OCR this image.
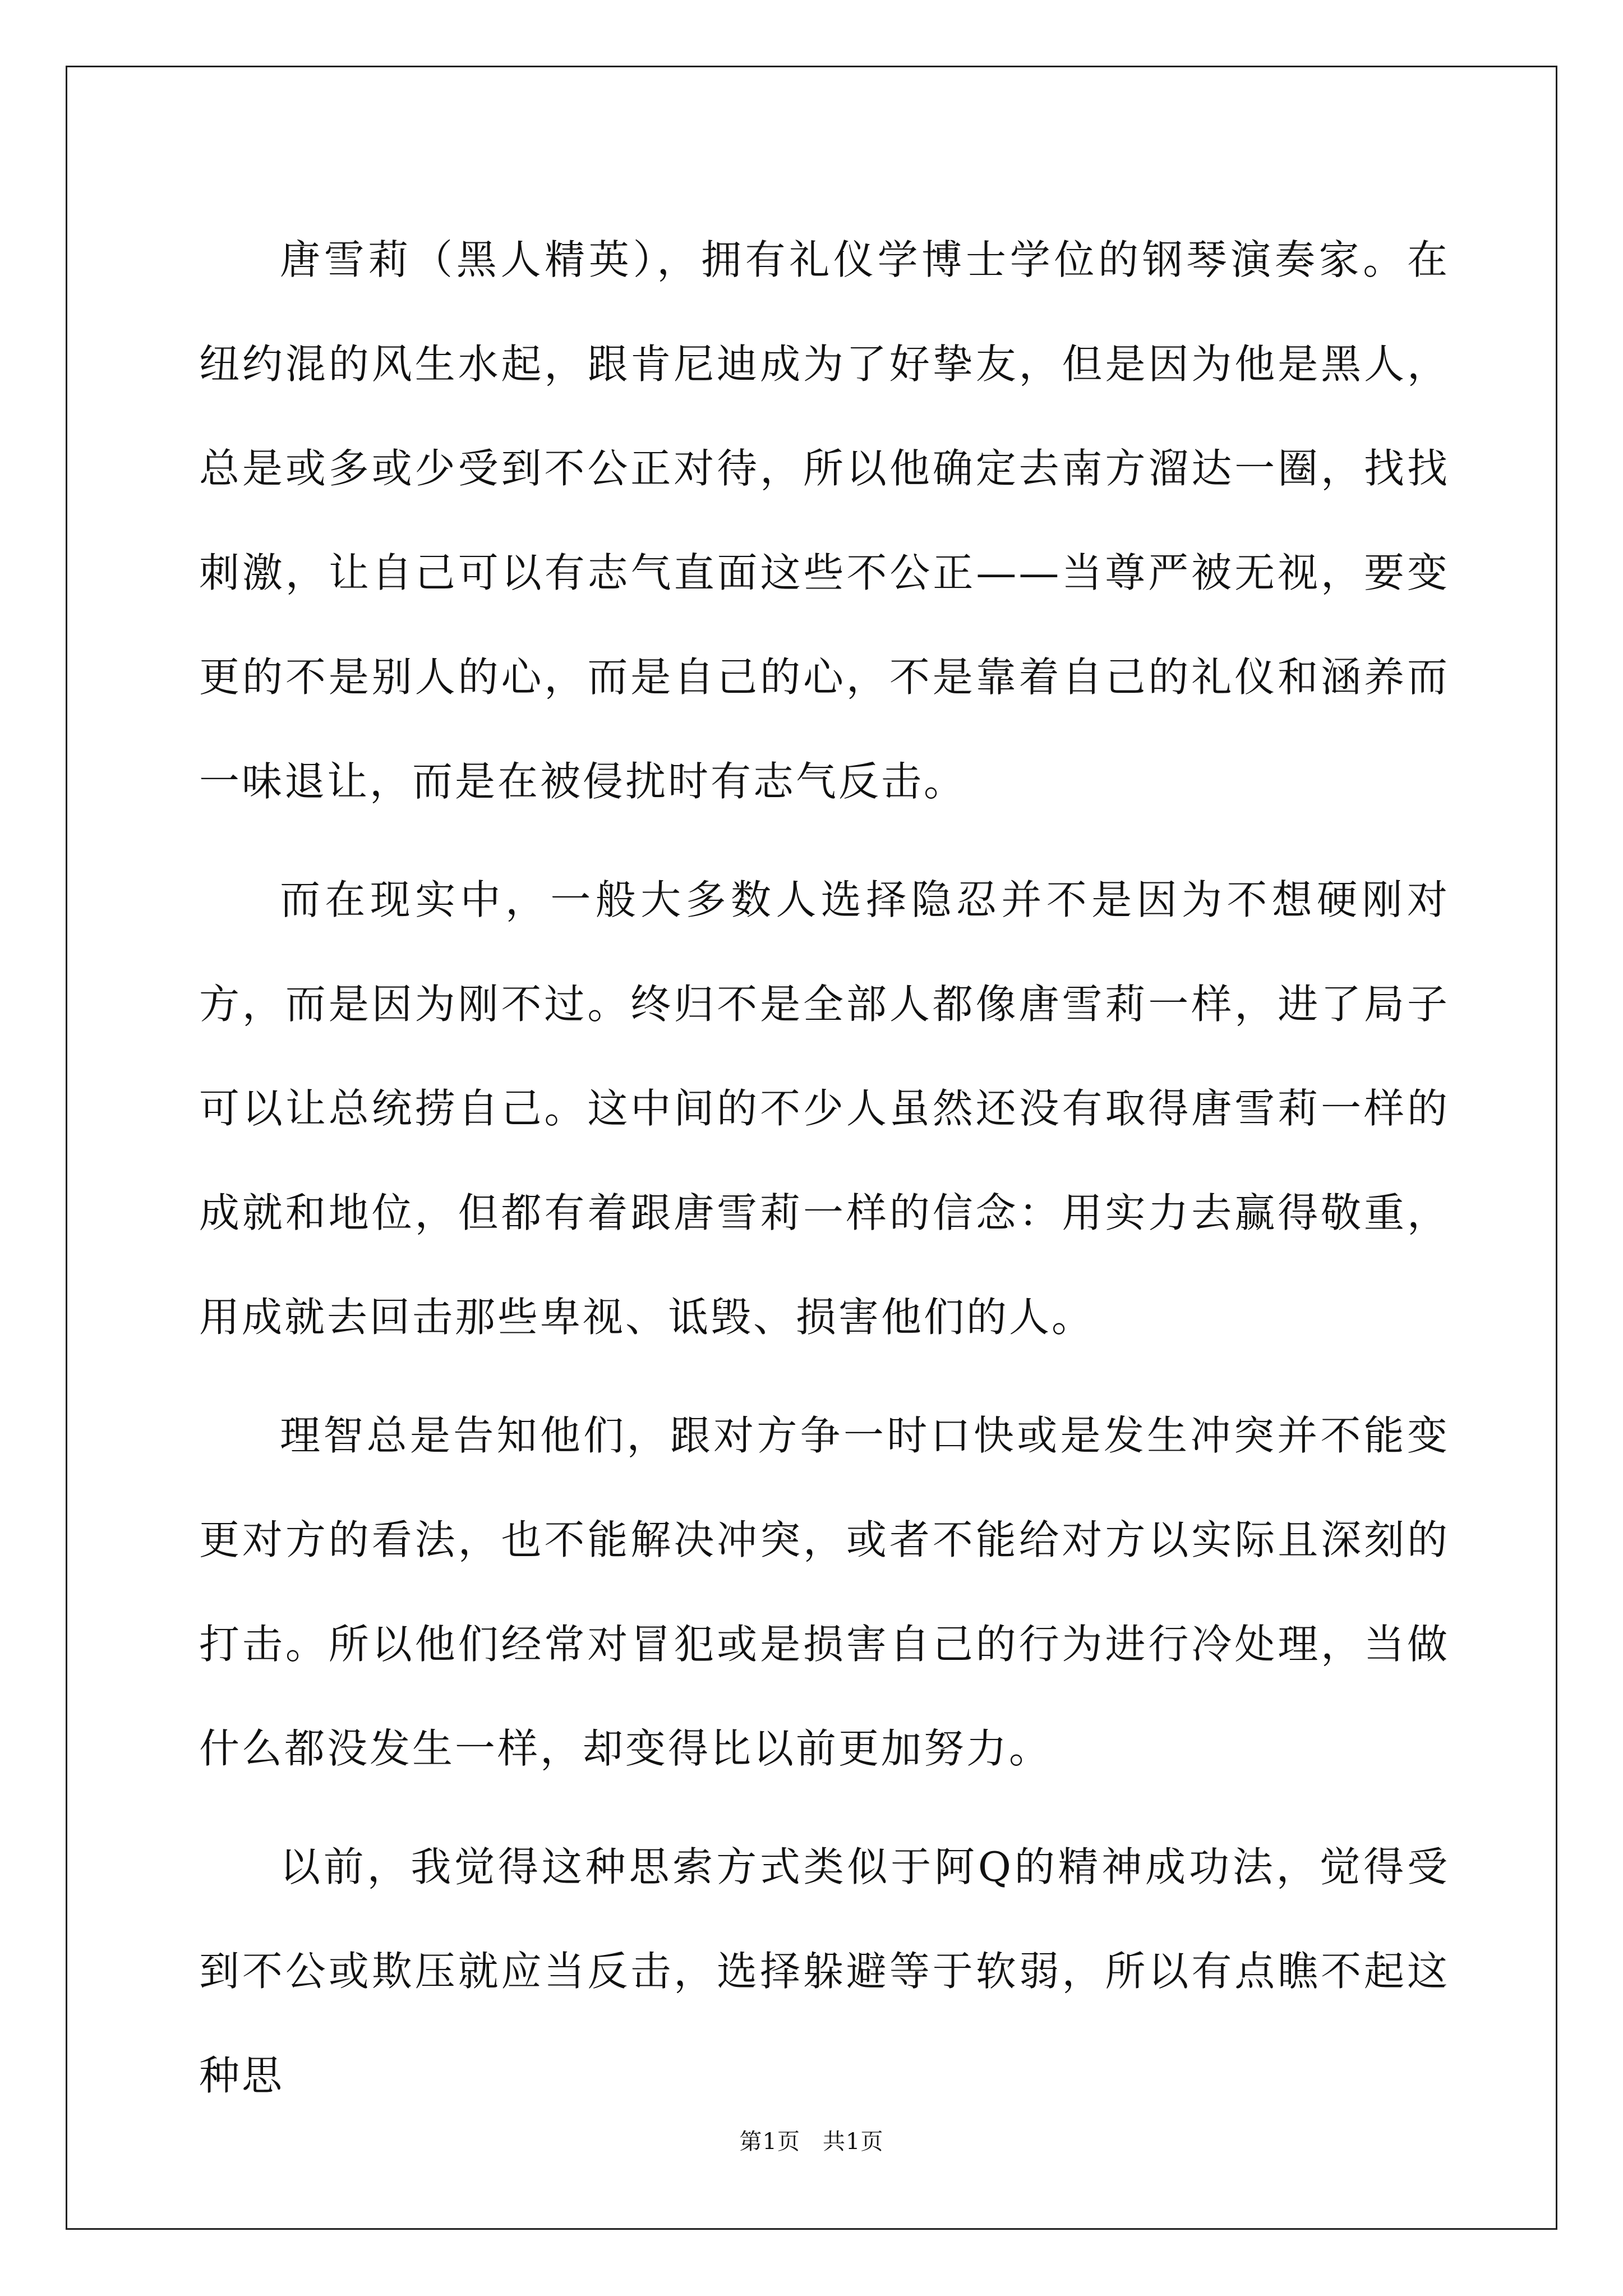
唐雪莉（黑人精英），拥有礼仪学博士学位的钢琴演奏家。在纽约混的风生水起，跟肯尼迪成为了好挚友，但是因为他是黑人，总是或多或少受到不公正对待，所以他确定去南方溜达一圈，找找刺激，让自己可以有志气直面这些不公正——当尊严被无视，要变更的不是别人的心，而是自己的心，不是靠着自己的礼仪和涵养而一味退让，而是在被侵扰时有志气反击。

而在现实中，一般大多数人选择隐忍并不是因为不想硬刚对方，而是因为刚不过。终归不是全部人都像唐雪莉一样，进了局子可以让总统捞自己。这中间的不少人虽然还没有取得唐雪莉一样的成就和地位，但都有着跟唐雪莉一样的信念：用实力去赢得敬重，用成就去回击那些卑视、诋毁、损害他们的人。

理智总是告知他们，跟对方争一时口快或是发生冲突并不能变更对方的看法，也不能解决冲突，或者不能给对方以实际且深刻的打击。所以他们经常对冒犯或是损害自己的行为进行冷处理，当做什么都没发生一样，却变得比以前更加努力。

以前，我觉得这种思索方式类似于阿Q的精神成功法，觉得受到不公或欺压就应当反击，选择躲避等于软弱，所以有点瞧不起这种思

第1页 共1页
